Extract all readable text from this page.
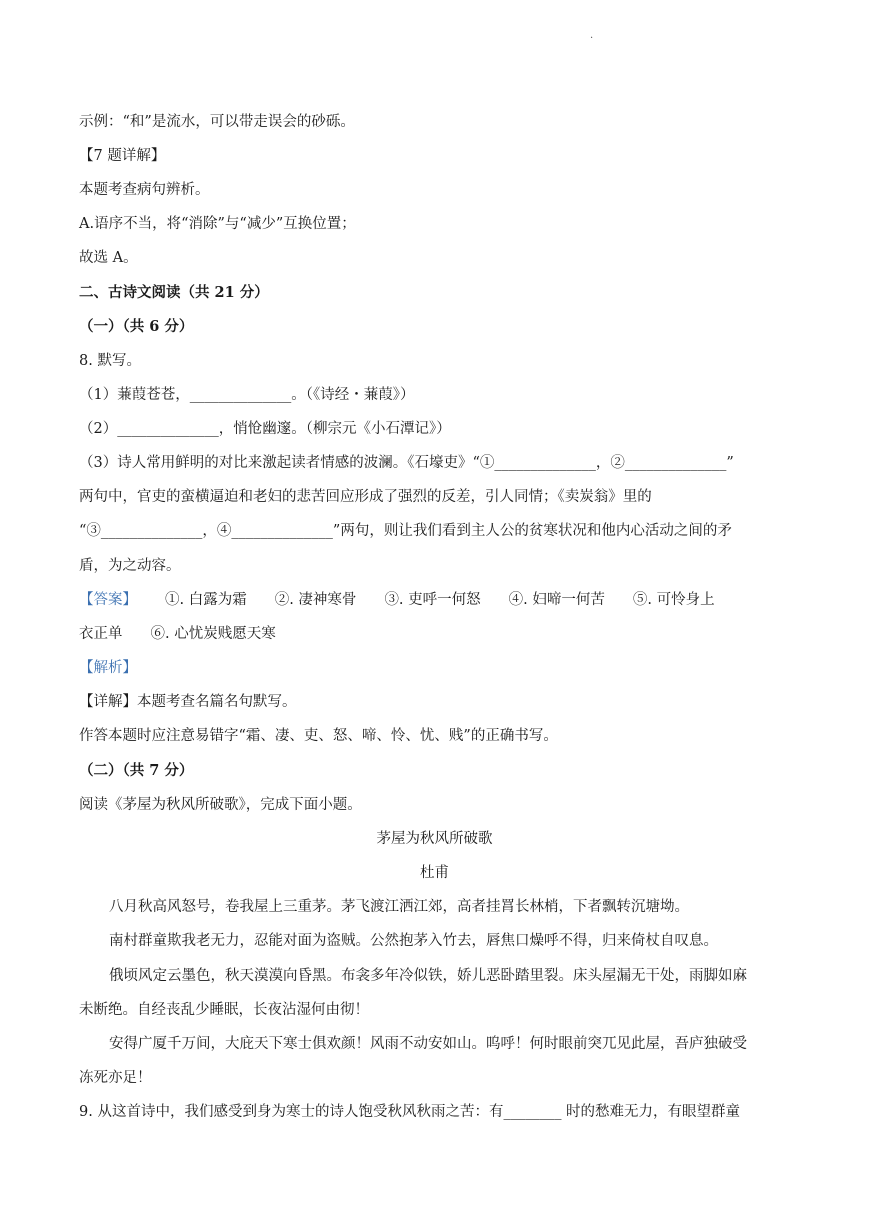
.
示例：“和”是流水，可以带走误会的砂砾。
【7 题详解】
本题考查病句辨析。
A.语序不当，将“消除”与“减少”互换位置；
故选 A。
二、古诗文阅读（共 21 分）
（一）（共 6 分）
8. 默写。
（1）蒹葭苍苍，______________。（《诗经・蒹葭》）
（2）______________，悄怆幽邃。（柳宗元《小石潭记》）
（3）诗人常用鲜明的对比来激起读者情感的波澜。《石壕吏》“①______________，②______________”
两句中，官吏的蛮横逼迫和老妇的悲苦回应形成了强烈的反差，引人同情；《卖炭翁》里的
“③______________，④______________”两句，则让我们看到主人公的贫寒状况和他内心活动之间的矛
盾，为之动容。
【答案】 ①. 白露为霜 ②. 凄神寒骨 ③. 吏呼一何怒 ④. 妇啼一何苦 ⑤. 可怜身上
衣正单 ⑥. 心忧炭贱愿天寒
【解析】
【详解】本题考查名篇名句默写。
作答本题时应注意易错字“霜、凄、吏、怒、啼、怜、忧、贱”的正确书写。
（二）（共 7 分）
阅读《茅屋为秋风所破歌》，完成下面小题。
茅屋为秋风所破歌
杜甫
八月秋高风怒号，卷我屋上三重茅。茅飞渡江洒江郊，高者挂罥长林梢，下者飘转沉塘坳。
南村群童欺我老无力，忍能对面为盗贼。公然抱茅入竹去，唇焦口燥呼不得，归来倚杖自叹息。
俄顷风定云墨色，秋天漠漠向昏黑。布衾多年冷似铁，娇儿恶卧踏里裂。床头屋漏无干处，雨脚如麻
未断绝。自经丧乱少睡眠，长夜沾湿何由彻！
安得广厦千万间，大庇天下寒士俱欢颜！风雨不动安如山。呜呼！何时眼前突兀见此屋，吾庐独破受
冻死亦足！
9. 从这首诗中，我们感受到身为寒士的诗人饱受秋风秋雨之苦：有________ 时的愁难无力，有眼望群童
